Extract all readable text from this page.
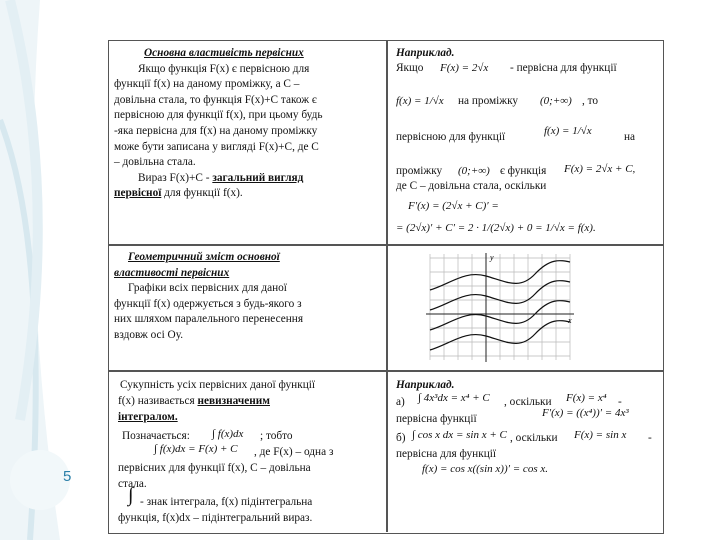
5
Основна властивість первісних
Якщо функція F(x) є первісною для
функції f(x) на даному проміжку, а С –
довільна стала, то функція F(x)+C також є
первісною для функції f(x), при цьому будь
-яка первісна для f(x) на даному проміжку
може бути записана у вигляді F(x)+C, де С
– довільна стала.
Вираз F(x)+C - загальний вигляд
первісної для функції f(x).
Наприклад.
Якщо F(x) = 2√x - первісна для функції
f(x) = 1/√x на проміжку (0;+∞) , то
первісною для функції	f(x) = 1/√x	на
проміжку (0;+∞) є функція F(x) = 2√x + C,
де С – довільна стала, оскільки
F′(x) = (2√x + C)′ =
= (2√x)′ + C′ = 2 · 1/(2√x) + 0 = 1/√x = f(x).
Геометричний зміст основної
властивості первісних
Графіки всіх первісних для даної
функції f(x) одержується з будь-якого з
них шляхом паралельного перенесення
вздовж осі Оу.
y
x
Сукупність усіх первісних даної функції
f(x) називається невизначеним
інтегралом.
Позначається: ∫ f(x)dx ; тобто
∫ f(x)dx = F(x) + C , де F(x) – одна з
первісних для функції f(x), С – довільна
стала.
∫ - знак інтеграла, f(x) підінтегральна
функція, f(x)dx – підінтегральний вираз.
Наприклад.
а) ∫ 4x³dx = x⁴ + C , оскільки F(x) = x⁴ -
F′(x) = ((x⁴))′ = 4x³
первісна функції
б) ∫ cos x dx = sin x + C , оскільки F(x) = sin x -
первісна для функції
f(x) = cos x((sin x))′ = cos x.
